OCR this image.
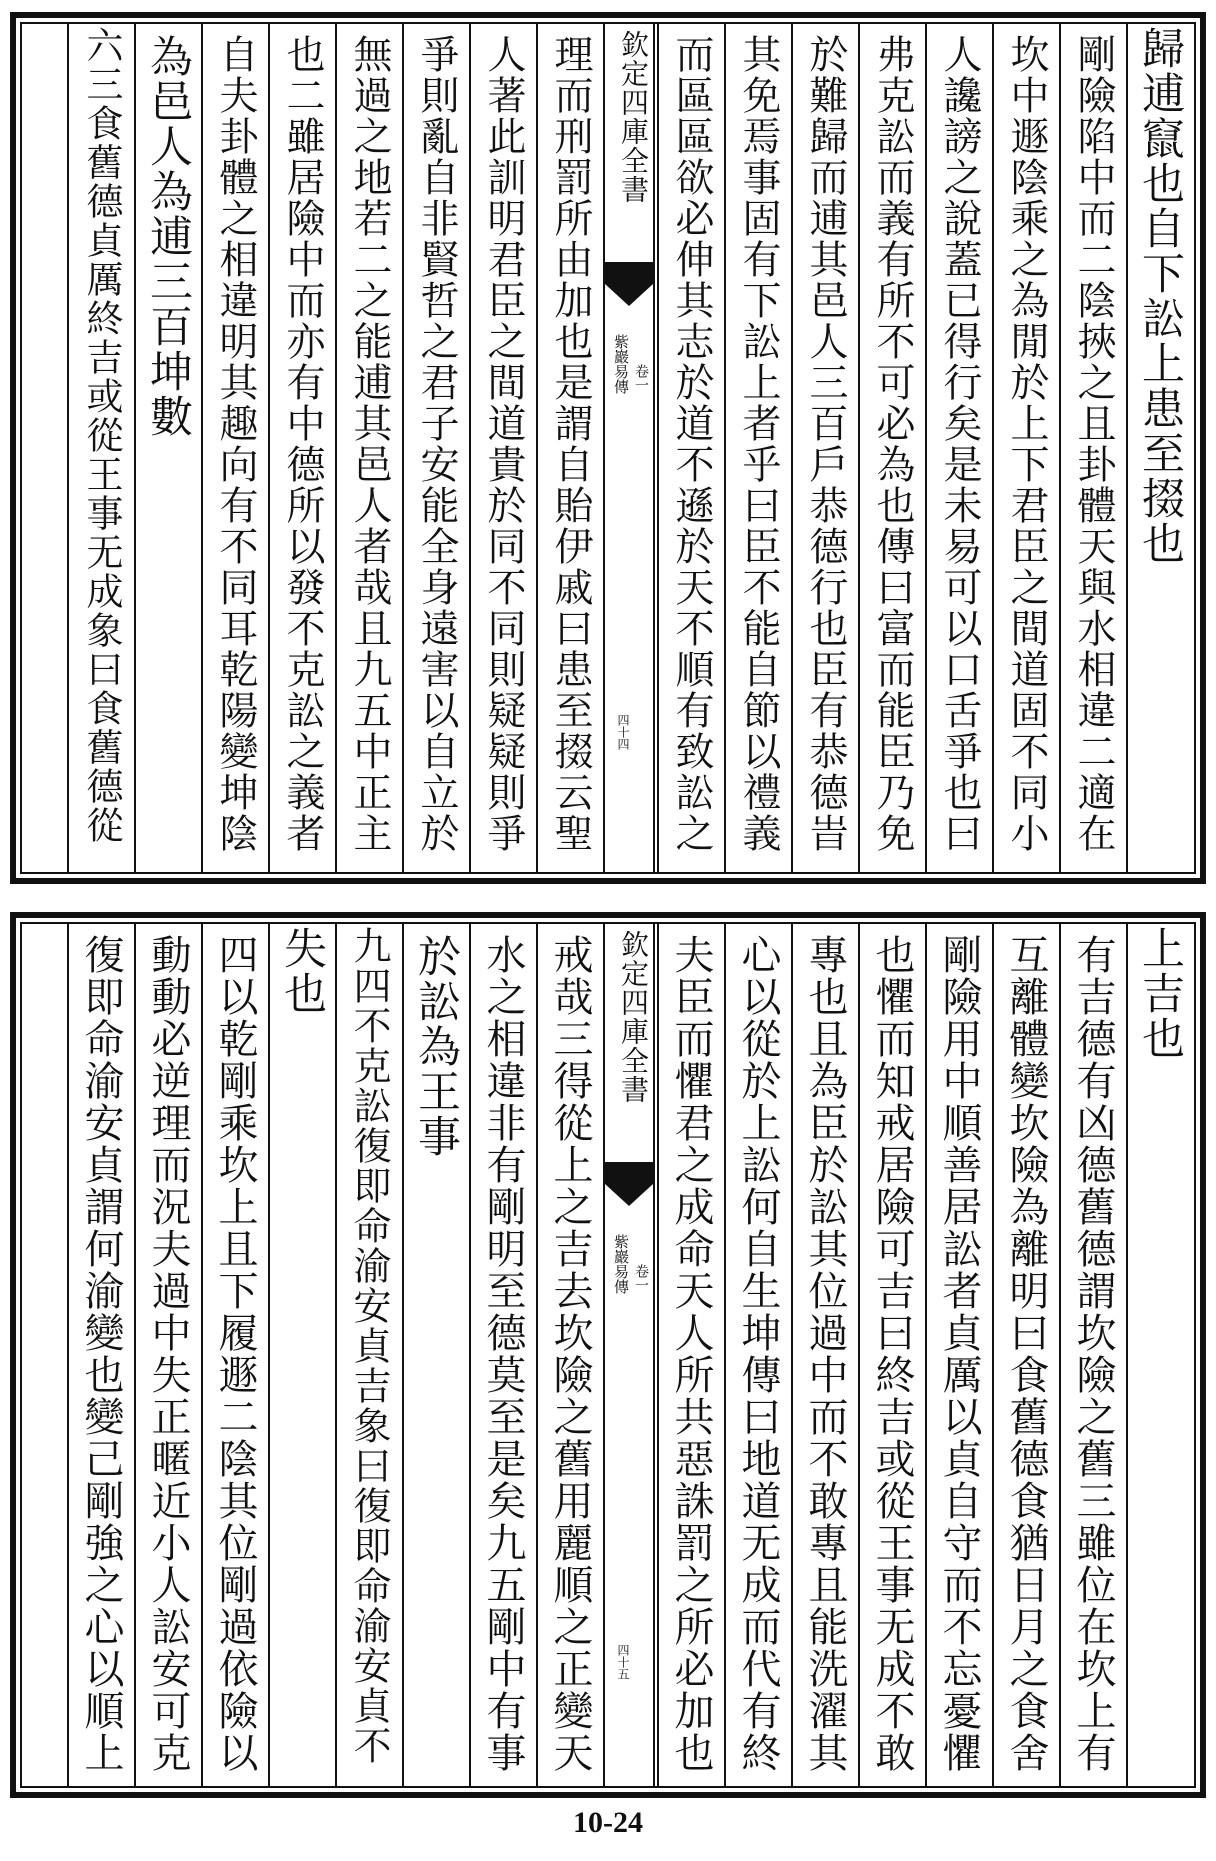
歸逋竄也自下訟上患至掇也
剛險陷中而二陰挾之且卦體天與水相違二適在
坎中遯陰乘之為閒於上下君臣之間道固不同小
人讒謗之說蓋已得行矣是未易可以口舌爭也曰
弗克訟而義有所不可必為也傳曰富而能臣乃免
於難歸而逋其邑人三百戶恭德行也臣有恭德旹
其免焉事固有下訟上者乎曰臣不能自節以禮義
而區區欲必伸其志於道不遜於天不順有致訟之
欽定四庫全書
紫巖易傳 卷一
四十四
理而刑罰所由加也是謂自貽伊戚曰患至掇云聖
人著此訓明君臣之間道貴於同不同則疑疑則爭
爭則亂自非賢哲之君子安能全身遠害以自立於
無過之地若二之能逋其邑人者哉且九五中正主
也二雖居險中而亦有中德所以發不克訟之義者
自夫卦體之相違明其趣向有不同耳乾陽變坤陰
為邑人為逋三百坤數
六三食舊德貞厲終吉或從王事无成象曰食舊德從
上吉也
有吉德有凶德舊德謂坎險之舊三雖位在坎上有
互離體變坎險為離明曰食舊德食猶日月之食舍
剛險用中順善居訟者貞厲以貞自守而不忘憂懼
也懼而知戒居險可吉曰終吉或從王事无成不敢
專也且為臣於訟其位過中而不敢專且能洗濯其
心以從於上訟何自生坤傳曰地道无成而代有終
夫臣而懼君之成命天人所共惡誅罰之所必加也
欽定四庫全書
紫巖易傳 卷一
四十五
戒哉三得從上之吉去坎險之舊用麗順之正變天
水之相違非有剛明至德莫至是矣九五剛中有事
於訟為王事
九四不克訟復即命渝安貞吉象曰復即命渝安貞不
失也
四以乾剛乘坎上且下履遯二陰其位剛過依險以
動動必逆理而況夫過中失正暱近小人訟安可克
復即命渝安貞謂何渝變也變己剛強之心以順上
10-24
